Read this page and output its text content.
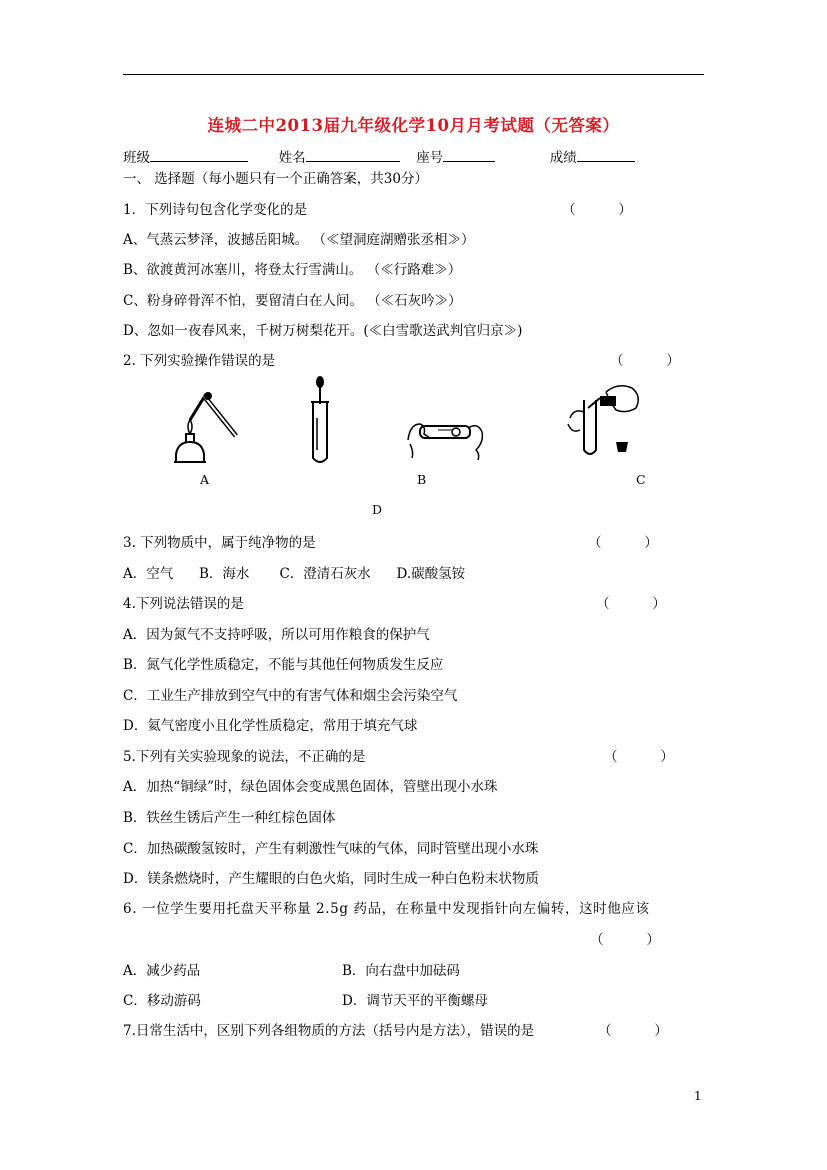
连城二中2013届九年级化学10月月考试题（无答案）
班级	姓名	座号	成绩
一、 选择题（每小题只有一个正确答案，共30分）
1．下列诗句包含化学变化的是	（          ）
A、气蒸云梦泽，波撼岳阳城。 （≪望洞庭湖赠张丞相≫）
B、欲渡黄河冰塞川，将登太行雪满山。 （≪行路难≫）
C、粉身碎骨浑不怕，要留清白在人间。 （≪石灰吟≫）
D、忽如一夜春风来，千树万树梨花开。(≪白雪歌送武判官归京≫)
2. 下列实验操作错误的是	（          ）
A	B	C
D
3. 下列物质中，属于纯净物的是	（          ）
A．空气      B．海水       C．澄清石灰水      D.碳酸氢铵
4.下列说法错误的是	（          ）
A．因为氮气不支持呼吸，所以可用作粮食的保护气
B．氮气化学性质稳定，不能与其他任何物质发生反应
C．工业生产排放到空气中的有害气体和烟尘会污染空气
D．氦气密度小且化学性质稳定，常用于填充气球
5.下列有关实验现象的说法，不正确的是	（          ）
A．加热“铜绿”时，绿色固体会变成黑色固体，管壁出现小水珠
B．铁丝生锈后产生一种红棕色固体
C．加热碳酸氢铵时，产生有刺激性气味的气体，同时管壁出现小水珠
D．镁条燃烧时，产生耀眼的白色火焰，同时生成一种白色粉末状物质
6. 一位学生要用托盘天平称量 2.5g 药品，在称量中发现指针向左偏转，这时他应该
（          ）
A．减少药品	B．向右盘中加砝码
C．移动游码	D．调节天平的平衡螺母
7.日常生活中，区别下列各组物质的方法（括号内是方法），错误的是	（          ）
1
